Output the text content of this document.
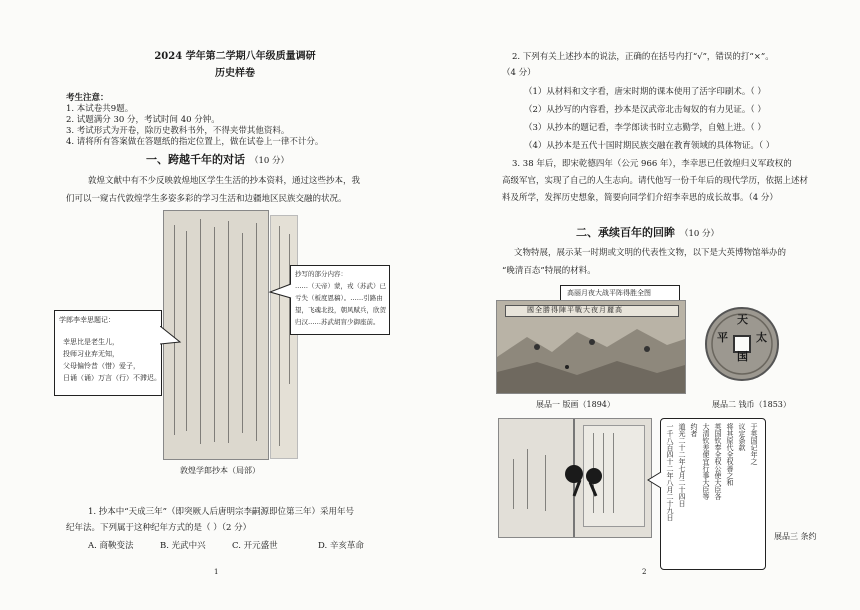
2024 学年第二学期八年级质量调研
历史样卷
考生注意：
1. 本试卷共9题。
2. 试题满分 30 分，考试时间 40 分钟。
3. 考试形式为开卷，除历史教科书外，不得夹带其他资料。
4. 请将所有答案做在答题纸的指定位置上，做在试卷上一律不计分。
一、跨越千年的对话 （10 分）
敦煌文献中有不少反映敦煌地区学生生活的抄本资料，通过这些抄本，我
们可以一窥古代敦煌学生多姿多彩的学习生活和边疆地区民族交融的状况。
学郎李幸思题记：
幸思比是老生儿，
投师习业弃无知，
父母偏怜昔（惜）爱子，
日诵（诵）万言（行）不滞迟。
抄写的部分内容：
……（天帝）蒙，戎（苏武）已
亏失（板度恩稿）。……引路由
望，飞魂北投，朝风赋兵，欣贺
归汉……苏武胡盲少御座前。
敦煌学郎抄本（局部）
1. 抄本中“天成三年”（即突厥人后唐明宗李嗣源即位第三年）采用年号
纪年法。下列属于这种纪年方式的是（ ）（2 分）
A. 商鞅变法	B. 光武中兴	C. 开元盛世	D. 辛亥革命
1
2. 下列有关上述抄本的说法，正确的在括号内打“√”，错误的打“×”。
（4 分）
（1）从材料和文字看，唐宋时期的课本使用了活字印刷术。（ ）
（2）从抄写的内容看，抄本是汉武帝北击匈奴的有力见证。（ ）
（3）从抄本的题记看，李学郎读书时立志勤学，自勉上进。（ ）
（4）从抄本是五代十国时期民族交融在教育领域的具体物证。（ ）
3. 38 年后，即宋乾德四年（公元 966 年），李幸思已任敦煌归义军政权的
高级军官，实现了自己的人生志向。请代他写一份千年后的现代学历，依据上述材
料及所学，发挥历史想象，简要向同学们介绍李幸思的成长故事。（4 分）
二、承续百年的回眸 （10 分）
文物特展，展示某一时期或文明的代表性文物，以下是大英博物馆举办的
“晚清百态”特展的材料。
高丽月夜大战平阵得胜全图
國全勝得陣平戰大夜月麗高
天
国
平	太
展品一 版画（1894）	展品二 钱币（1853）
一千八百四十二年八月二十九日 道光二十二年七月二十四日 约者 大清钦差便宜行事大臣等 英国钦奉全权公使大臣各 将其原代全权善之和 议定条款 于英国记年之
展品三 条约
2
